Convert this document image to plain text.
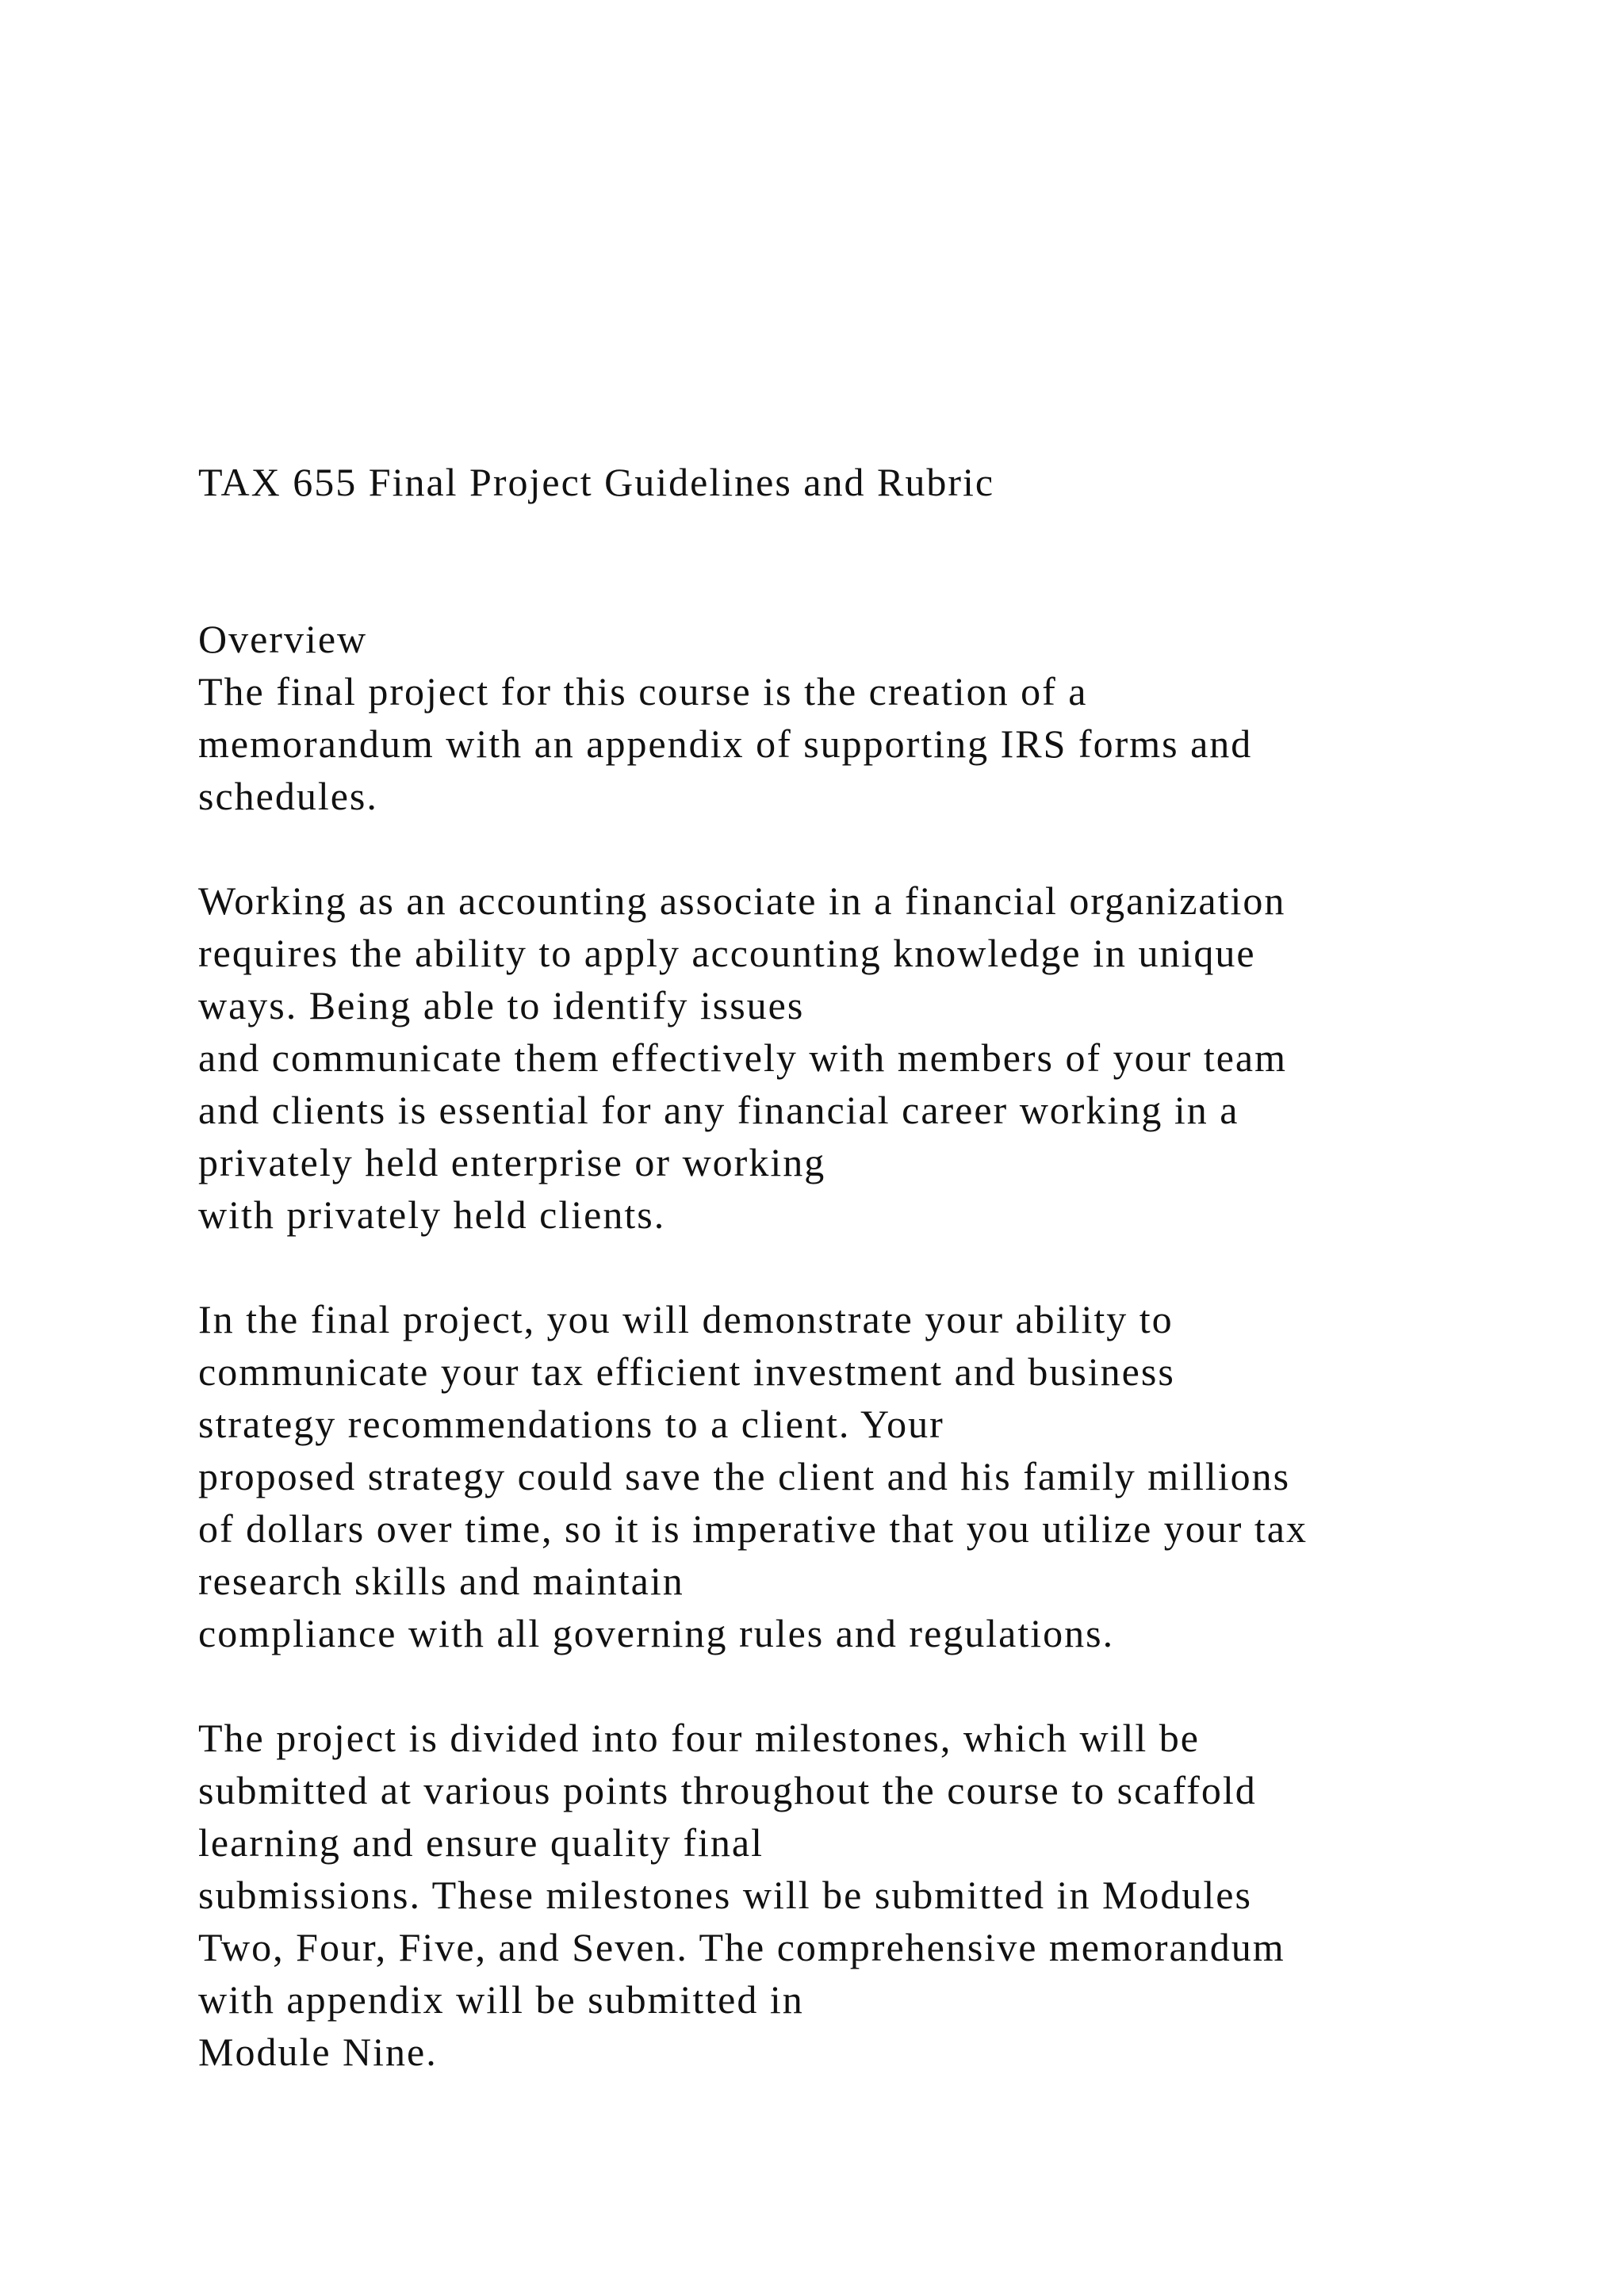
TAX 655 Final Project Guidelines and Rubric
Overview
The final project for this course is the creation of a
memorandum with an appendix of supporting IRS forms and
schedules.
Working as an accounting associate in a financial organization
requires the ability to apply accounting knowledge in unique
ways. Being able to identify issues
and communicate them effectively with members of your team
and clients is essential for any financial career working in a
privately held enterprise or working
with privately held clients.
In the final project, you will demonstrate your ability to
communicate your tax efficient investment and business
strategy recommendations to a client. Your
proposed strategy could save the client and his family millions
of dollars over time, so it is imperative that you utilize your tax
research skills and maintain
compliance with all governing rules and regulations.
The project is divided into four milestones, which will be
submitted at various points throughout the course to scaffold
learning and ensure quality final
submissions. These milestones will be submitted in Modules
Two, Four, Five, and Seven. The comprehensive memorandum
with appendix will be submitted in
Module Nine.
